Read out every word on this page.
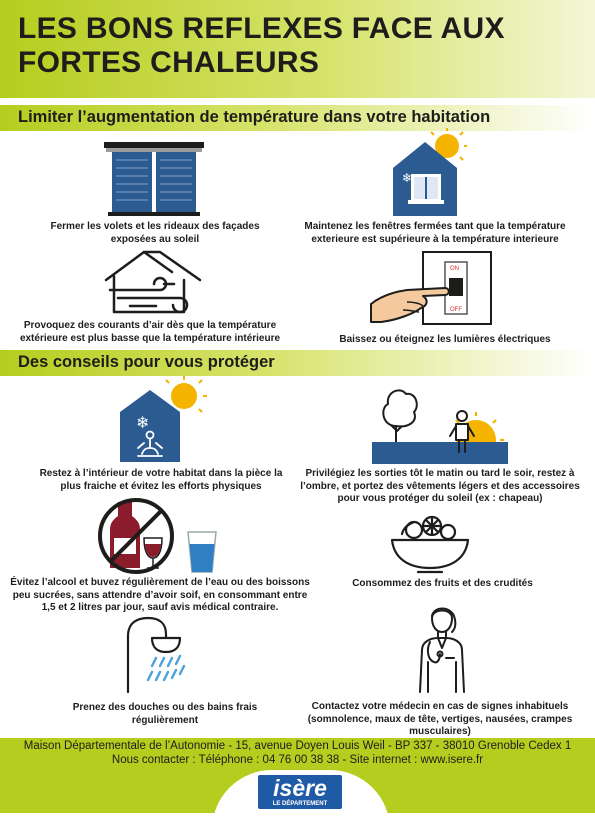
LES BONS REFLEXES FACE AUX FORTES CHALEURS
Limiter l’augmentation de température dans votre habitation
Fermer les volets et les rideaux des façades exposées au soleil
❄
Maintenez les fenêtres fermées tant que la température exterieure est supérieure à la température interieure
Provoquez des courants d’air dès que la température extérieure est plus basse que la température intérieure
ON
OFF
Baissez ou éteignez les lumières électriques
Des conseils pour vous protéger
❄
Restez à l’intérieur de votre habitat dans la pièce la plus fraiche et évitez les efforts physiques
Privilégiez les sorties tôt le matin ou tard le soir, restez à l’ombre, et portez des vêtements légers et des accessoires pour vous protéger du soleil (ex : chapeau)
Évitez l’alcool et buvez régulièrement de l’eau ou des boissons peu sucrées, sans attendre d’avoir soif, en consommant entre 1,5 et 2 litres par jour, sauf avis médical contraire.
Consommez des fruits et des crudités
Prenez des douches ou des bains frais régulièrement
Contactez votre médecin en cas de signes inhabituels (somnolence, maux de tête, vertiges, nausées, crampes musculaires)
Maison Départementale de l’Autonomie - 15, avenue Doyen Louis Weil - BP 337 - 38010 Grenoble Cedex 1
Nous contacter : Téléphone : 04 76 00 38 38 - Site internet : www.isere.fr
isère
LE DÉPARTEMENT
